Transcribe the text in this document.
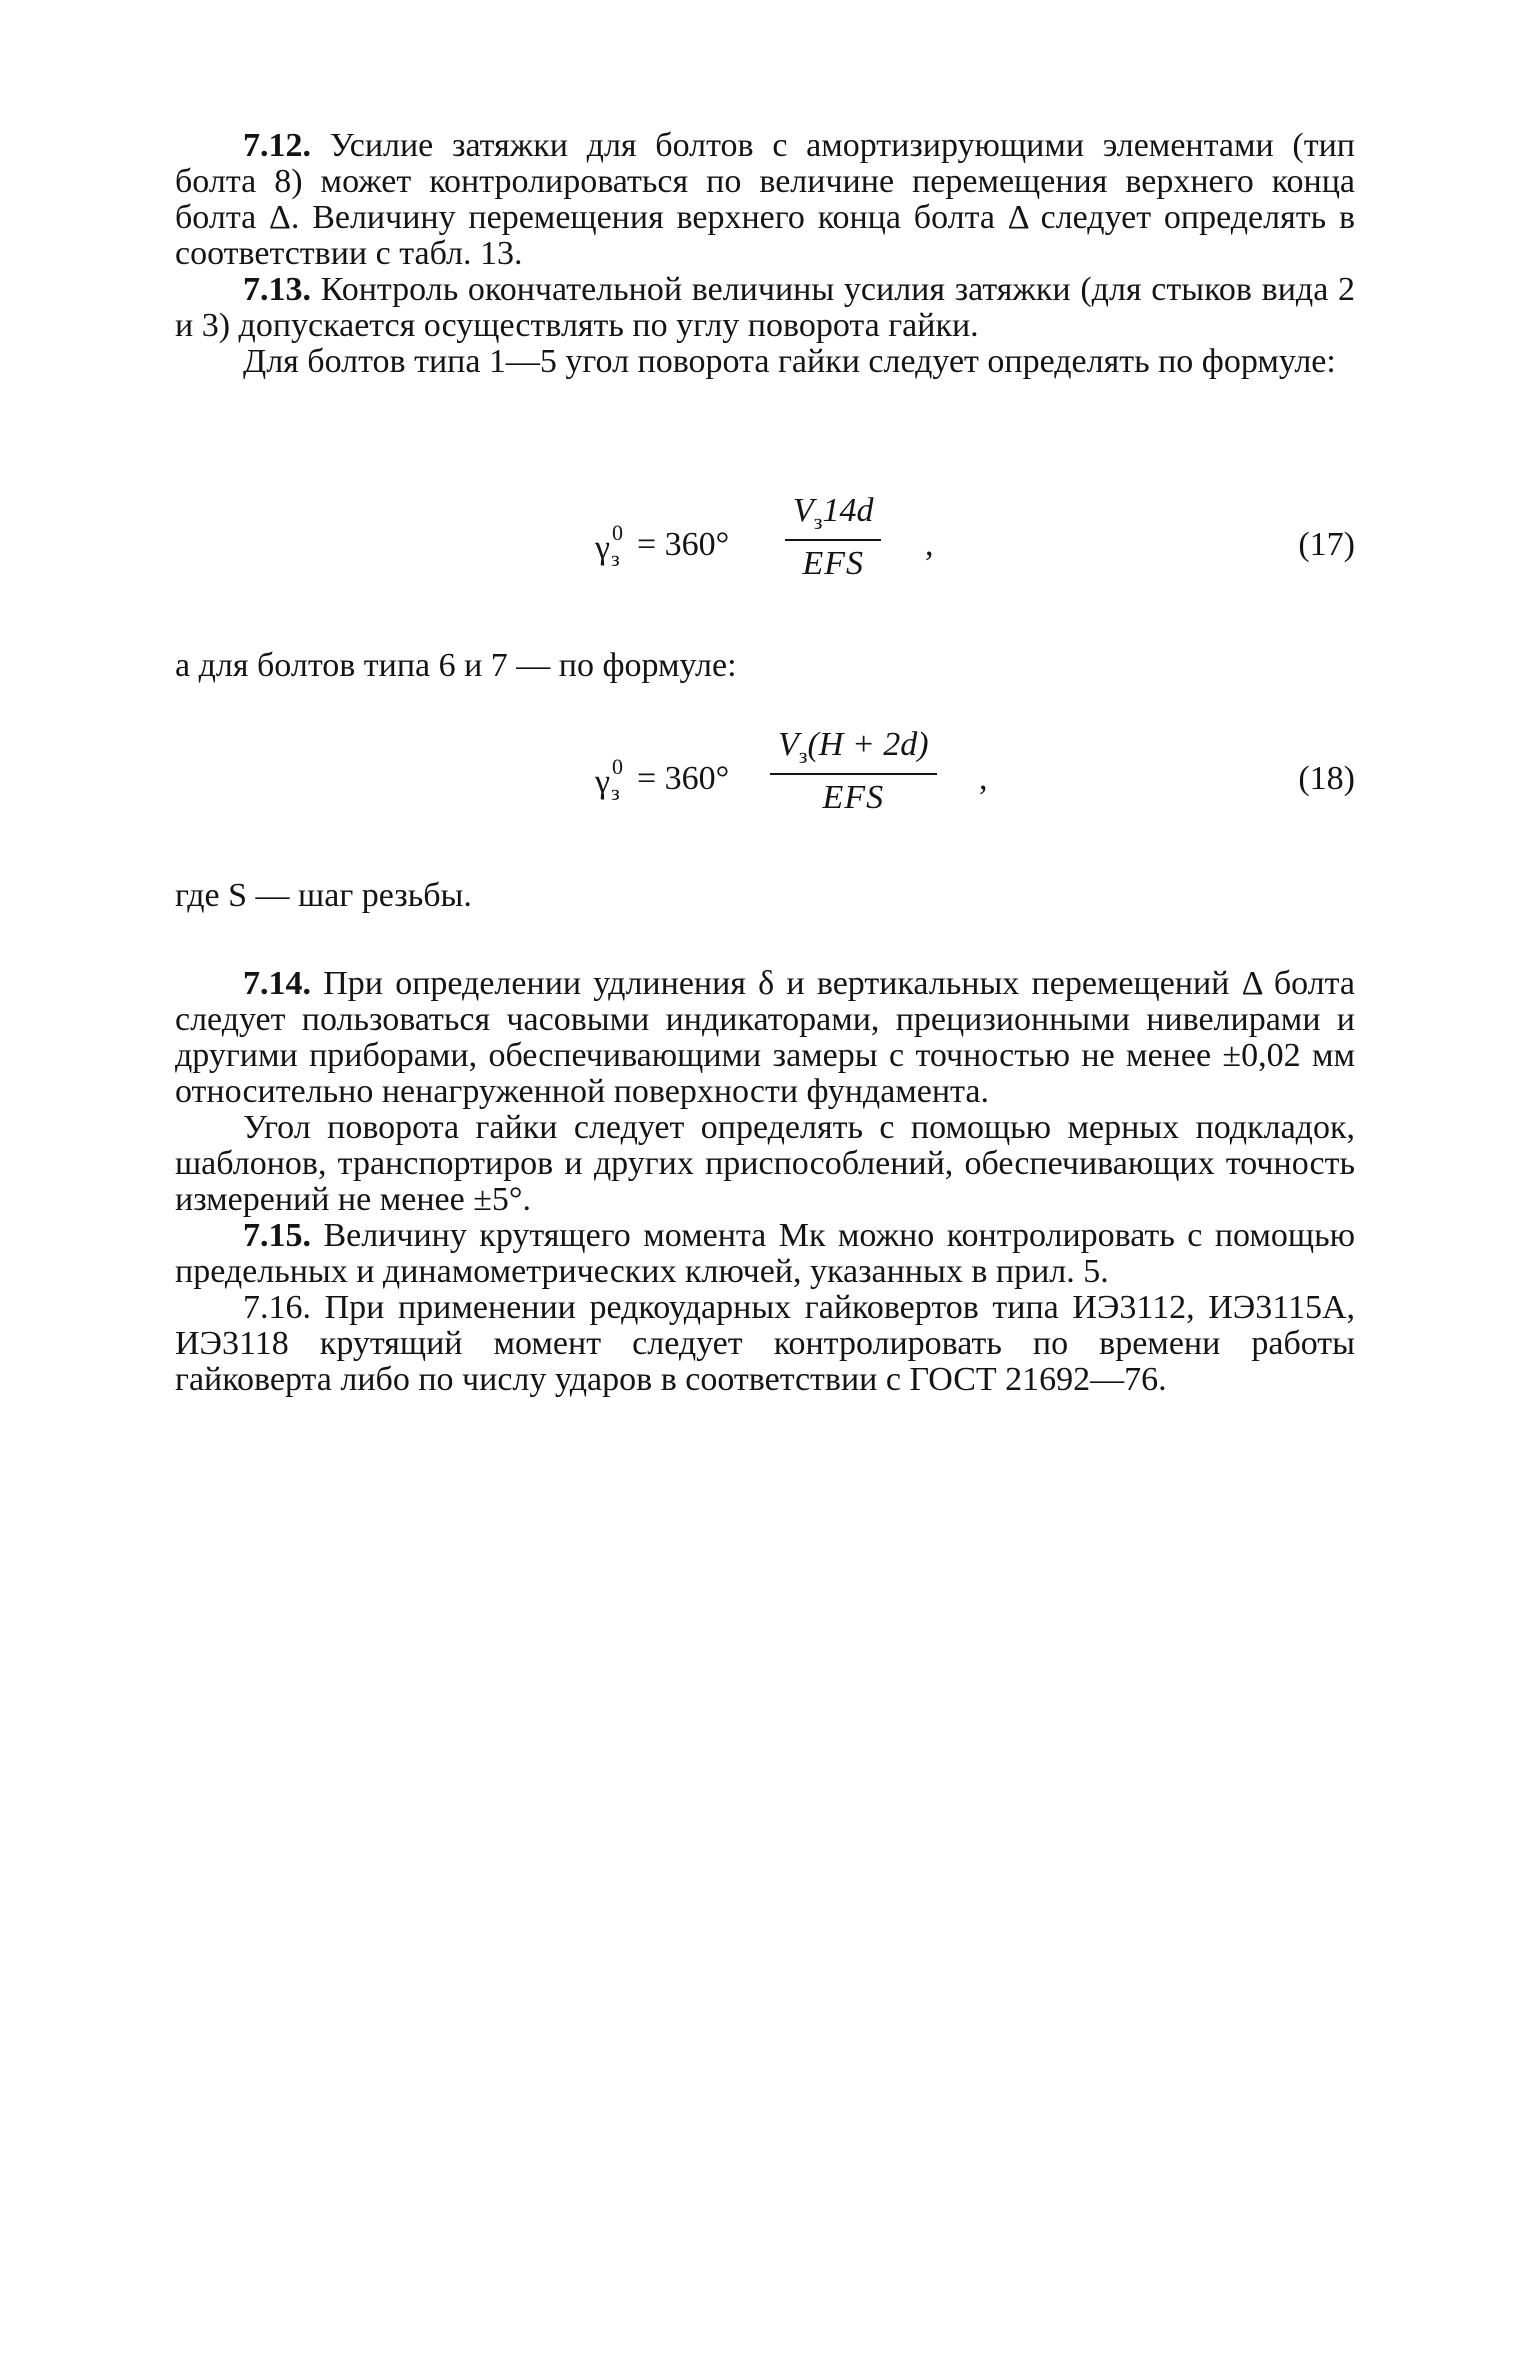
7.12. Усилие затяжки для болтов с амортизирующими элементами (тип болта 8) может контролироваться по величине перемещения верхнего конца болта Δ. Величину перемещения верхнего конца болта Δ следует определять в соответствии с табл. 13.

7.13. Контроль окончательной величины усилия затяжки (для стыков вида 2 и 3) допускается осуществлять по углу поворота гайки.

Для болтов типа 1—5 угол поворота гайки следует определять по формуле:

$\gamma^0_з = 360^\circ$
$V_з14d$
EFS
,	(17)

а для болтов типа 6 и 7 — по формуле:

$\gamma^0_з = 360^\circ$
$V_з(H + 2d)$
EFS
,	(18)

где S — шаг резьбы.

7.14. При определении удлинения δ и вертикальных перемещений Δ болта следует пользоваться часовыми индикаторами, прецизионными нивелирами и другими приборами, обеспечивающими замеры с точностью не менее ±0,02 мм относительно ненагруженной поверхности фундамента.

Угол поворота гайки следует определять с помощью мерных подкладок, шаблонов, транспортиров и других приспособлений, обеспечивающих точность измерений не менее ±5°.

7.15. Величину крутящего момента Mк можно контролировать с помощью предельных и динамометрических ключей, указанных в прил. 5.

7.16. При применении редкоударных гайковертов типа ИЭ3112, ИЭ3115А, ИЭ3118 крутящий момент следует контролировать по времени работы гайковерта либо по числу ударов в соответствии с ГОСТ 21692—76.
